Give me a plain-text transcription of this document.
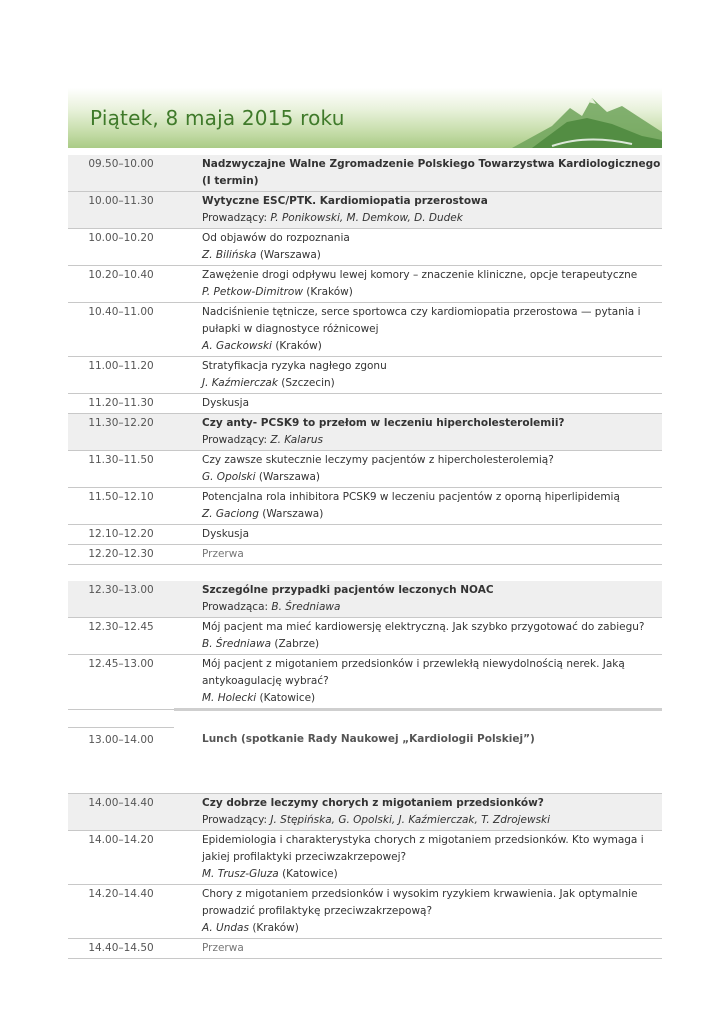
Piątek, 8 maja 2015 roku
09.50–10.00	Nadzwyczajne Walne Zgromadzenie Polskiego Towarzystwa Kardiologicznego (I termin)
10.00–11.30	Wytyczne ESC/PTK. Kardiomiopatia przerostowa
Prowadzący: P. Ponikowski, M. Demkow, D. Dudek

10.00–10.20	Od objawów do rozpoznania
Z. Bilińska (Warszawa)

10.20–10.40	Zawężenie drogi odpływu lewej komory – znaczenie kliniczne, opcje terapeutyczne
P. Petkow-Dimitrow (Kraków)

10.40–11.00	Nadciśnienie tętnicze, serce sportowca czy kardiomiopatia przerostowa — pytania i pułapki w diagnostyce różnicowej
A. Gackowski (Kraków)

11.00–11.20	Stratyfikacja ryzyka nagłego zgonu
J. Kaźmierczak (Szczecin)

11.20–11.30	Dyskusja

11.30–12.20	Czy anty- PCSK9 to przełom w leczeniu hipercholesterolemii?
Prowadzący: Z. Kalarus

11.30–11.50	Czy zawsze skutecznie leczymy pacjentów z hipercholesterolemią?
G. Opolski (Warszawa)

11.50–12.10	Potencjalna rola inhibitora PCSK9 w leczeniu pacjentów z oporną hiperlipidemią
Z. Gaciong (Warszawa)

12.10–12.20	Dyskusja

12.20–12.30	Przerwa

12.30–13.00	Szczególne przypadki pacjentów leczonych NOAC
Prowadząca: B. Średniawa

12.30–12.45	Mój pacjent ma mieć kardiowersję elektryczną. Jak szybko przygotować do zabiegu?
B. Średniawa (Zabrze)

12.45–13.00	Mój pacjent z migotaniem przedsionków i przewlekłą niewydolnością nerek. Jaką antykoagulację wybrać?
M. Holecki (Katowice)

13.00–14.00	Lunch (spotkanie Rady Naukowej „Kardiologii Polskiej”)

14.00–14.40	Czy dobrze leczymy chorych z migotaniem przedsionków?
Prowadzący: J. Stępińska, G. Opolski, J. Kaźmierczak, T. Zdrojewski

14.00–14.20	Epidemiologia i charakterystyka chorych z migotaniem przedsionków. Kto wymaga i jakiej profilaktyki przeciwzakrzepowej?
M. Trusz-Gluza (Katowice)

14.20–14.40	Chory z migotaniem przedsionków i wysokim ryzykiem krwawienia. Jak optymalnie prowadzić profilaktykę przeciwzakrzepową?
A. Undas (Kraków)

14.40–14.50	Przerwa
